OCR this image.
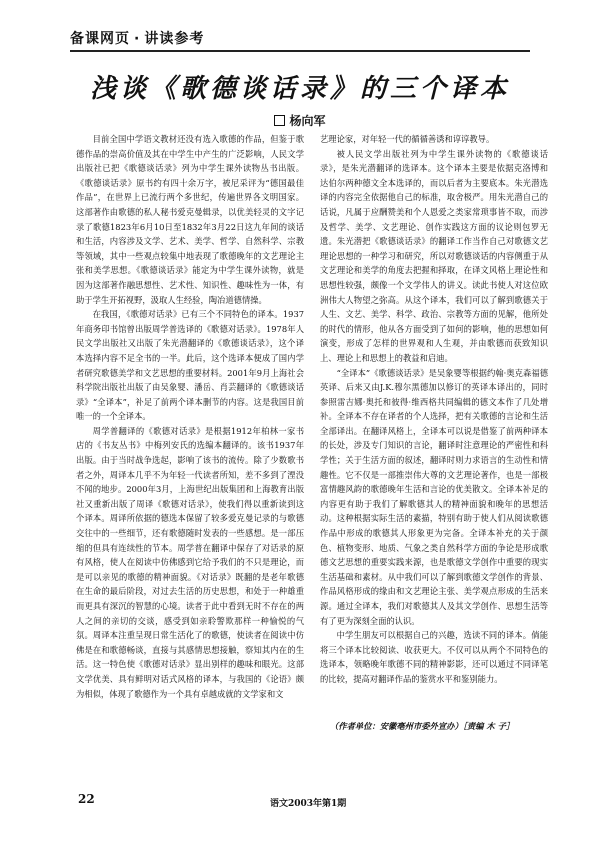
备课网页 · 讲读参考
浅谈《歌德谈话录》的三个译本
杨向军

目前全国中学语文教材还没有选入歌德的作品，但鉴于歌德作品的崇高价值及其在中学生中产生的广泛影响，人民文学出版社已把《歌德谈话录》列为中学生课外读物丛书出版。《歌德谈话录》原书约有四十余万字，被尼采评为“德国最佳作品”，在世界上已流行两个多世纪，传遍世界各文明国家。这部著作由歌德的私人秘书爱克曼辑录，以优美轻灵的文字记录了歌德1823年6月10日至1832年3月22日这九年间的谈话和生活，内容涉及文学、艺术、美学、哲学、自然科学、宗教等领域，其中一些观点较集中地表现了歌德晚年的文艺理论主张和美学思想。《歌德谈话录》能定为中学生课外读物，就是因为这部著作融思想性、艺术性、知识性、趣味性为一体，有助于学生开拓视野，汲取人生经验，陶冶道德情操。

在我国，《歌德对话录》已有三个不同特色的译本。1937年商务印书馆曾出版周学普选译的《歌德对话录》。1978年人民文学出版社又出版了朱光潜翻译的《歌德谈话录》，这个译本选择内容不足全书的一半。此后，这个选译本便成了国内学者研究歌德美学和文艺思想的重要材料。2001年9月上海社会科学院出版社出版了由吴象婴、潘岳、肖芸翻译的《歌德谈话录》“全译本”，补足了前两个译本删节的内容。这是我国目前唯一的一个全译本。

周学普翻译的《歌德对话录》是根据1912年柏林一家书店的《书友丛书》中梅列安氏的选编本翻译的。该书1937年出版。由于当时战争选起，影响了该书的流传。除了少数歌书者之外，周译本几乎不为年轻一代读者所知，差不多到了湮没不闻的地步。2000年3月，上海世纪出版集团和上海教育出版社又重新出版了周译《歌德对话录》，使我们得以重新读到这个译本。周译所依据的德选本保留了较多爱克曼记录的与歌德交往中的一些细节，还有歌德随时发表的一些感想。是一部压缩的但具有连续性的节本。周学普在翻译中保存了对话录的原有风格，使人在阅读中仿佛感到它给予我们的不只是理论，而是可以亲见的歌德的精神面貌。《对话录》既翻的是老年歌德在生命的最后阶段，对过去生活的历史思想，和处于一种雄重而更具有深沉的智慧的心境。读者于此中看到无时不存在的两人之间的亲切的交谈，感受到如亲聆警欺那样一种愉悦的气氛。周译本注重呈现日常生活化了的歌德，使读者在阅读中仿佛是在和歌德畅谈，直接与其感情思想接触，察知其内在的生活。这一特色使《歌德对话录》显出别样的趣味和眼光。这部文学优美、具有鲜明对话式风格的译本，与我国的《论语》颇为相似，体现了歌德作为一个具有卓越成就的文学家和文

艺理论家，对年轻一代的循循善诱和谆谆教导。

被人民文学出版社列为中学生课外读物的《歌德谈话录》，是朱光潜翻译的选译本。这个译本主要是依据克洛博和达伯尔两种德文全本选译的，而以后者为主要底本。朱光潜选译的内容完全依据他自己的标准，取舍极严。用朱光潜自己的话说，凡属于应酬赞美和个人恩爱之类家常琐事皆不取，而涉及哲学、美学、文艺理论、创作实践这方面的议论则包罗无遗。朱光潜把《歌德谈话录》的翻译工作当作自己对歌德文艺理论思想的一种学习和研究，所以对歌德谈话的内容侧重于从文艺理论和美学的角度去把握和择取，在译文风格上理论性和思想性较强，颇像一个文学伟人的讲义。读此书使人对这位欧洲伟大人物望之弥高。从这个译本，我们可以了解到歌德关于人生、文艺、美学、科学、政治、宗教等方面的见解，他所处的时代的情形，他从各方面受到了如何的影响，他的思想如何演变，形成了怎样的世界观和人生观，并由歌德而获致知识上、理论上和思想上的教益和启迪。

“全译本”《歌德谈话录》是吴象婴等根据约翰·奥克森福德英译、后来又由J.K.穆尔黑德加以修订的英译本译出的，同时参照雷吉娜·奥托和彼得·维西格共同编辑的德文本作了几处增补。全译本不存在译者的个人选择，把有关歌德的言论和生活全部译出。在翻译风格上，全译本可以说是借鉴了前两种译本的长处，涉及专门知识的言论，翻译时注意理论的严密性和科学性；关于生活方面的叙述，翻译时则力求语言的生动性和情趣性。它不仅是一部推崇伟大尊的文艺理论著作，也是一部极富情趣风韵的歌德晚年生活和言论的优美散文。全译本补足的内容更有助于我们了解歌德其人的精神面貌和晚年的思想活动。这种根据实际生活的素描，特别有助于使人们从阅读歌德作品中形成的歌德其人形象更为完备。全译本补充的关于颜色、植物变形、地质、气象之类自然科学方面的争论是形成歌德文艺思想的重要实践来源，也是歌德文学创作中重要的现实生活基础和素材。从中我们可以了解到歌德文学创作的背景、作品风格形成的缘由和文艺理论主张、美学观点形成的生活来源。通过全译本，我们对歌德其人及其文学创作、思想生活等有了更为深刻全面的认识。

中学生朋友可以根据自己的兴趣，选读不同的译本。倘能将三个译本比较阅读、收获更大。不仅可以从两个不同特色的选译本，领略晚年歌德不同的精神影影，还可以通过不同译笔的比较，提高对翻译作品的鉴赏水平和鉴别能力。

（作者单位：安徽亳州市委外宣办）［责编 木 子］
22	语文2003年第1期
